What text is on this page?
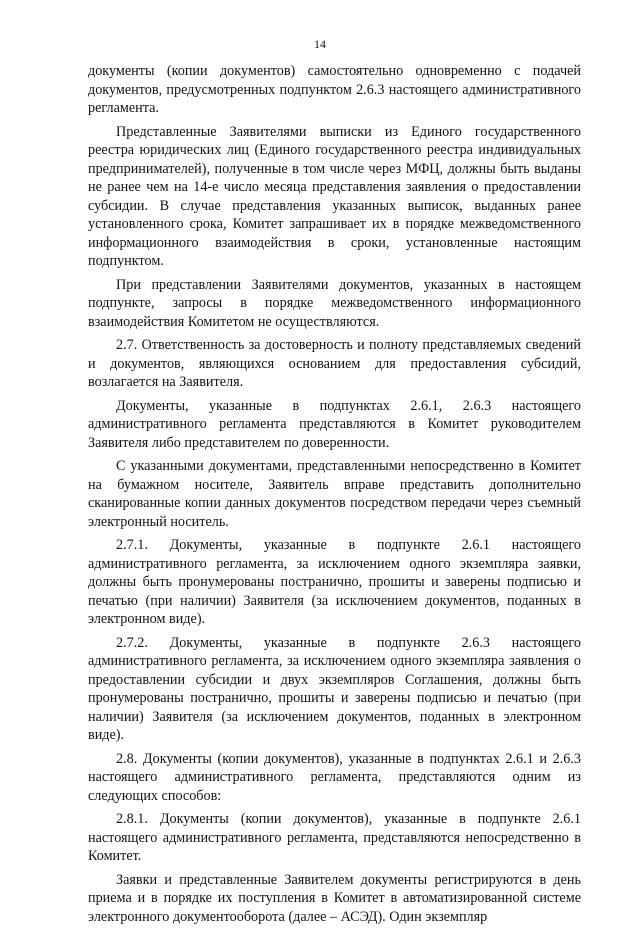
14

документы (копии документов) самостоятельно одновременно с подачей документов, предусмотренных подпунктом 2.6.3 настоящего административного регламента.

Представленные Заявителями выписки из Единого государственного реестра юридических лиц (Единого государственного реестра индивидуальных предпринимателей), полученные в том числе через МФЦ, должны быть выданы не ранее чем на 14-е число месяца представления заявления о предоставлении субсидии. В случае представления указанных выписок, выданных ранее установленного срока, Комитет запрашивает их в порядке межведомственного информационного взаимодействия в сроки, установленные настоящим подпунктом.

При представлении Заявителями документов, указанных в настоящем подпункте, запросы в порядке межведомственного информационного взаимодействия Комитетом не осуществляются.

2.7. Ответственность за достоверность и полноту представляемых сведений и документов, являющихся основанием для предоставления субсидий, возлагается на Заявителя.

Документы, указанные в подпунктах 2.6.1, 2.6.3 настоящего административного регламента представляются в Комитет руководителем Заявителя либо представителем по доверенности.

С указанными документами, представленными непосредственно в Комитет на бумажном носителе, Заявитель вправе представить дополнительно сканированные копии данных документов посредством передачи через съемный электронный носитель.

2.7.1. Документы, указанные в подпункте 2.6.1 настоящего административного регламента, за исключением одного экземпляра заявки, должны быть пронумерованы постранично, прошиты и заверены подписью и печатью (при наличии) Заявителя (за исключением документов, поданных в электронном виде).

2.7.2. Документы, указанные в подпункте 2.6.3 настоящего административного регламента, за исключением одного экземпляра заявления о предоставлении субсидии и двух экземпляров Соглашения, должны быть пронумерованы постранично, прошиты и заверены подписью и печатью (при наличии) Заявителя (за исключением документов, поданных в электронном виде).

2.8. Документы (копии документов), указанные в подпунктах 2.6.1 и 2.6.3 настоящего административного регламента, представляются одним из следующих способов:

2.8.1. Документы (копии документов), указанные в подпункте 2.6.1 настоящего административного регламента, представляются непосредственно в Комитет.

Заявки и представленные Заявителем документы регистрируются в день приема и в порядке их поступления в Комитет в автоматизированной системе электронного документооборота (далее – АСЭД). Один экземпляр
